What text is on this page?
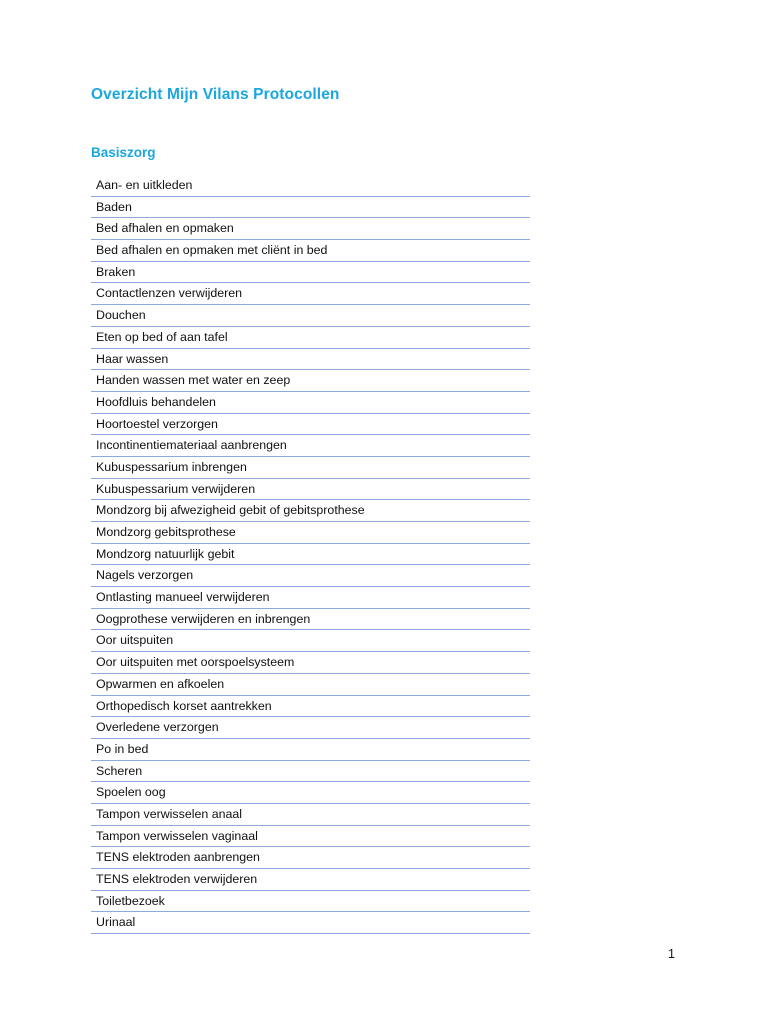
Overzicht Mijn Vilans Protocollen
Basiszorg
Aan- en uitkleden
Baden
Bed afhalen en opmaken
Bed afhalen en opmaken met cliënt in bed
Braken
Contactlenzen verwijderen
Douchen
Eten op bed of aan tafel
Haar wassen
Handen wassen met water en zeep
Hoofdluis behandelen
Hoortoestel verzorgen
Incontinentiemateriaal aanbrengen
Kubuspessarium inbrengen
Kubuspessarium verwijderen
Mondzorg bij afwezigheid gebit of gebitsprothese
Mondzorg gebitsprothese
Mondzorg natuurlijk gebit
Nagels verzorgen
Ontlasting manueel verwijderen
Oogprothese verwijderen en inbrengen
Oor uitspuiten
Oor uitspuiten met oorspoelsysteem
Opwarmen en afkoelen
Orthopedisch korset aantrekken
Overledene verzorgen
Po in bed
Scheren
Spoelen oog
Tampon verwisselen anaal
Tampon verwisselen vaginaal
TENS elektroden aanbrengen
TENS elektroden verwijderen
Toiletbezoek
Urinaal
1
